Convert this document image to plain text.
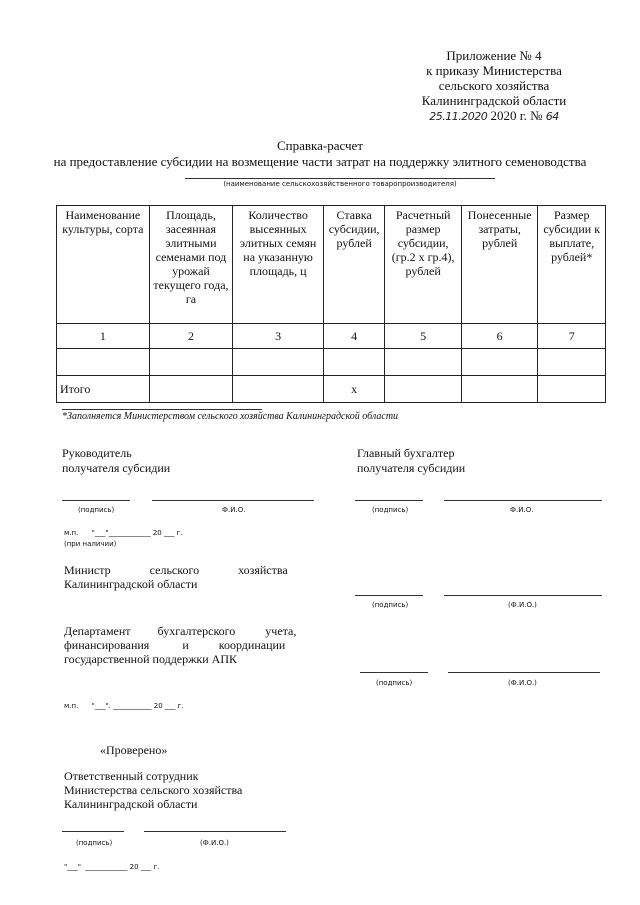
Приложение № 4
к приказу Министерства
сельского хозяйства
Калининградской области
25.11.2020 2020 г. № 64
Справка-расчет
на предоставление субсидии на возмещение части затрат на поддержку элитного семеноводства
(наименование сельскохозяйственного товаропроизводителя)
Наименование культуры, сорта	Площадь, засеянная элитными семенами под урожай текущего года, га	Количество высеянных элитных семян на указанную площадь, ц	Ставка субсидии, рублей	Расчетный размер субсидии, (гр.2 х гр.4), рублей	Понесенные затраты, рублей	Размер субсидии к выплате, рублей*
1	2	3	4	5	6	7

Итого			х			
*Заполняется Министерством сельского хозяйства Калининградской области
Руководитель
получателя субсидии
Главный бухгалтер
получателя субсидии
(подпись)	Ф.И.О.	(подпись)	Ф.И.О.
м.п.      "___"____________ 20 ___ г.
(при наличии)
Министр             сельского             хозяйства
Калининградской области
(подпись)	(Ф.И.О.)
Департамент         бухгалтерского          учета,
финансирования           и          координации
государственной поддержки АПК
(подпись)	(Ф.И.О.)
м.п.      "___". ___________ 20 ___ г.
«Проверено»
Ответственный сотрудник
Министерства сельского хозяйства
Калининградской области
(подпись)	(Ф.И.О.)
"___"  ____________ 20 ___ г.
